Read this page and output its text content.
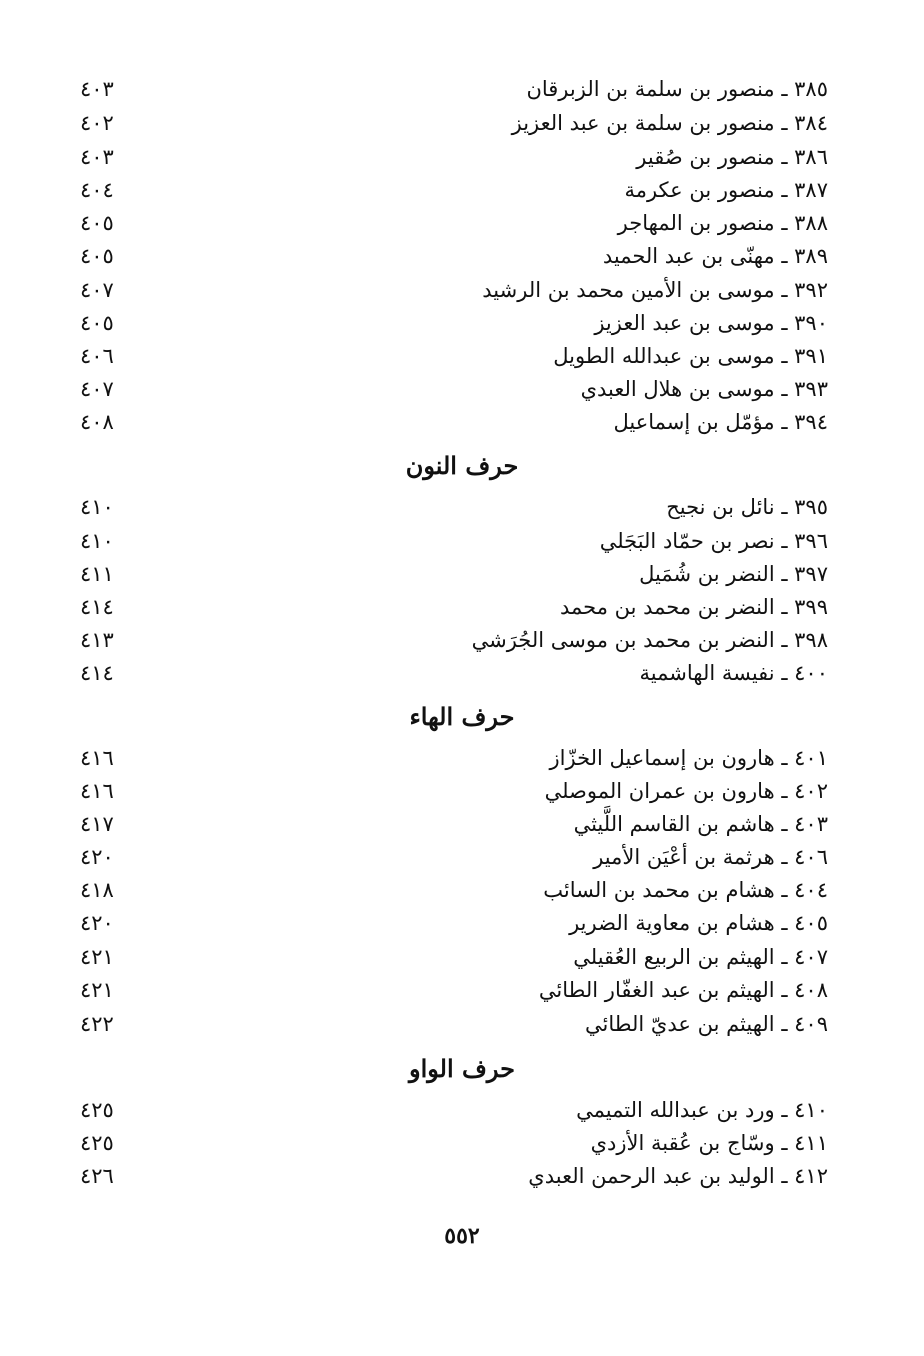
٣٨٥ ـ منصور بن سلمة بن الزبرقان
٤٠٣
٣٨٤ ـ منصور بن سلمة بن عبد العزيز
٤٠٢
٣٨٦ ـ منصور بن صُقير
٤٠٣
٣٨٧ ـ منصور بن عكرمة
٤٠٤
٣٨٨ ـ منصور بن المهاجر
٤٠٥
٣٨٩ ـ مهنّى بن عبد الحميد
٤٠٥
٣٩٢ ـ موسى بن الأمين محمد بن الرشيد
٤٠٧
٣٩٠ ـ موسى بن عبد العزيز
٤٠٥
٣٩١ ـ موسى بن عبدالله الطويل
٤٠٦
٣٩٣ ـ موسى بن هلال العبدي
٤٠٧
٣٩٤ ـ مؤمّل بن إسماعيل
٤٠٨
حرف النون
٣٩٥ ـ نائل بن نجيح
٤١٠
٣٩٦ ـ نصر بن حمّاد البَجَلي
٤١٠
٣٩٧ ـ النضر بن شُمَيل
٤١١
٣٩٩ ـ النضر بن محمد بن محمد
٤١٤
٣٩٨ ـ النضر بن محمد بن موسى الجُرَشي
٤١٣
٤٠٠ ـ نفيسة الهاشمية
٤١٤
حرف الهاء
٤٠١ ـ هارون بن إسماعيل الخزّاز
٤١٦
٤٠٢ ـ هارون بن عمران الموصلي
٤١٦
٤٠٣ ـ هاشم بن القاسم اللَّيثي
٤١٧
٤٠٦ ـ هرثمة بن أعْيَن الأمير
٤٢٠
٤٠٤ ـ هشام بن محمد بن السائب
٤١٨
٤٠٥ ـ هشام بن معاوية الضرير
٤٢٠
٤٠٧ ـ الهيثم بن الربيع العُقيلي
٤٢١
٤٠٨ ـ الهيثم بن عبد الغفّار الطائي
٤٢١
٤٠٩ ـ الهيثم بن عديّ الطائي
٤٢٢
حرف الواو
٤١٠ ـ ورد بن عبدالله التميمي
٤٢٥
٤١١ ـ وسّاج بن عُقبة الأزدي
٤٢٥
٤١٢ ـ الوليد بن عبد الرحمن العبدي
٤٢٦
٥٥٢
